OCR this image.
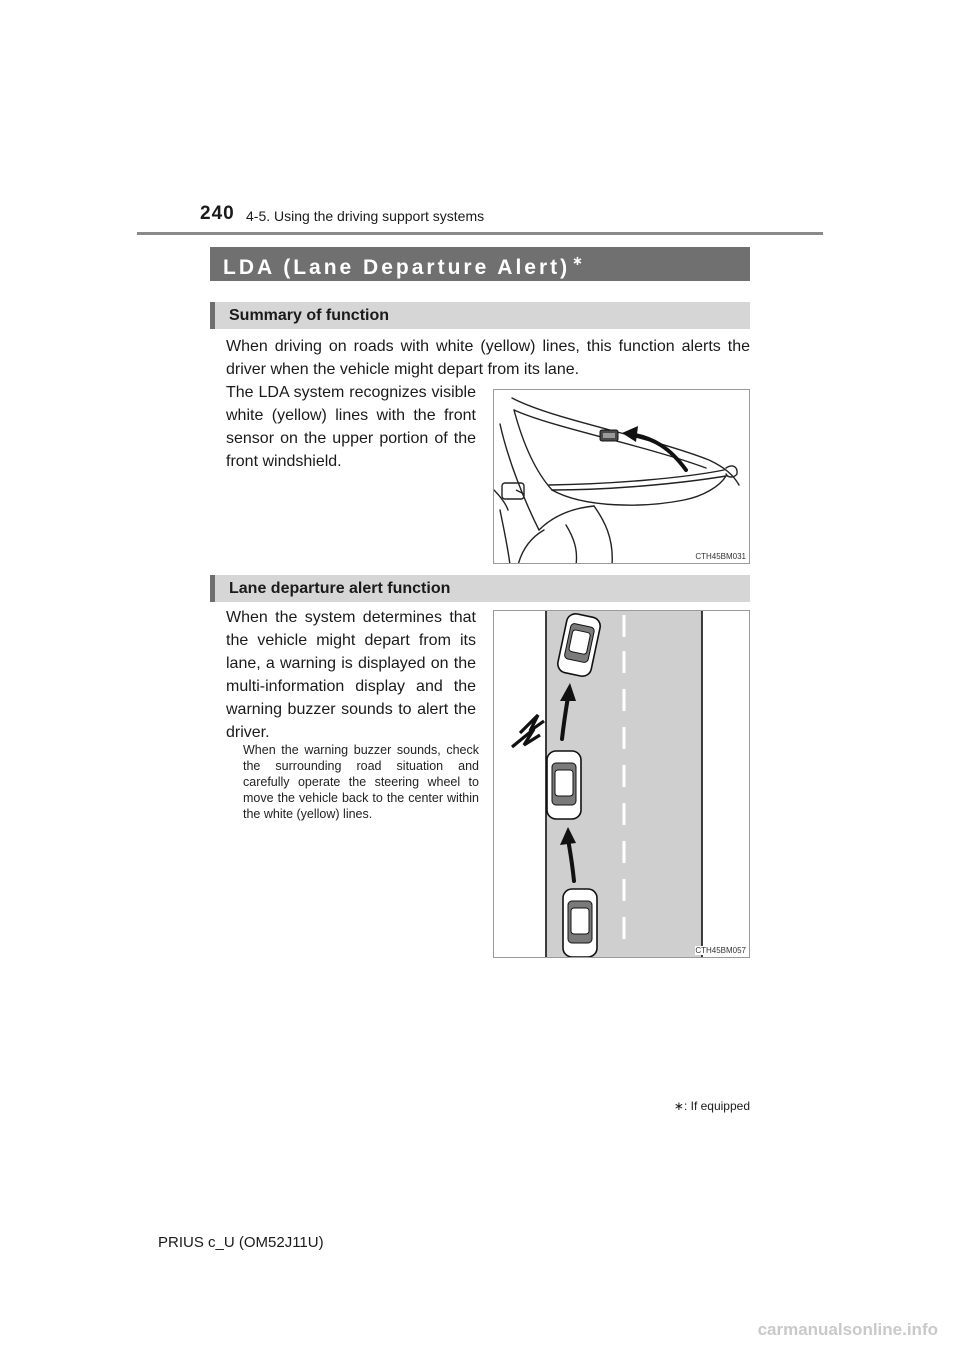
240 4-5. Using the driving support systems
LDA (Lane Departure Alert) ∗
Summary of function
When driving on roads with white (yellow) lines, this function alerts the driver when the vehicle might depart from its lane.
The LDA system recognizes visible white (yellow) lines with the front sensor on the upper portion of the front windshield.
CTH45BM031
Lane departure alert function
When the system determines that the vehicle might depart from its lane, a warning is displayed on the multi-information display and the warning buzzer sounds to alert the driver.
When the warning buzzer sounds, check the surrounding road situation and carefully operate the steering wheel to move the vehicle back to the center within the white (yellow) lines.
CTH45BM057
∗: If equipped
PRIUS c_U (OM52J11U)
carmanualsonline.info
